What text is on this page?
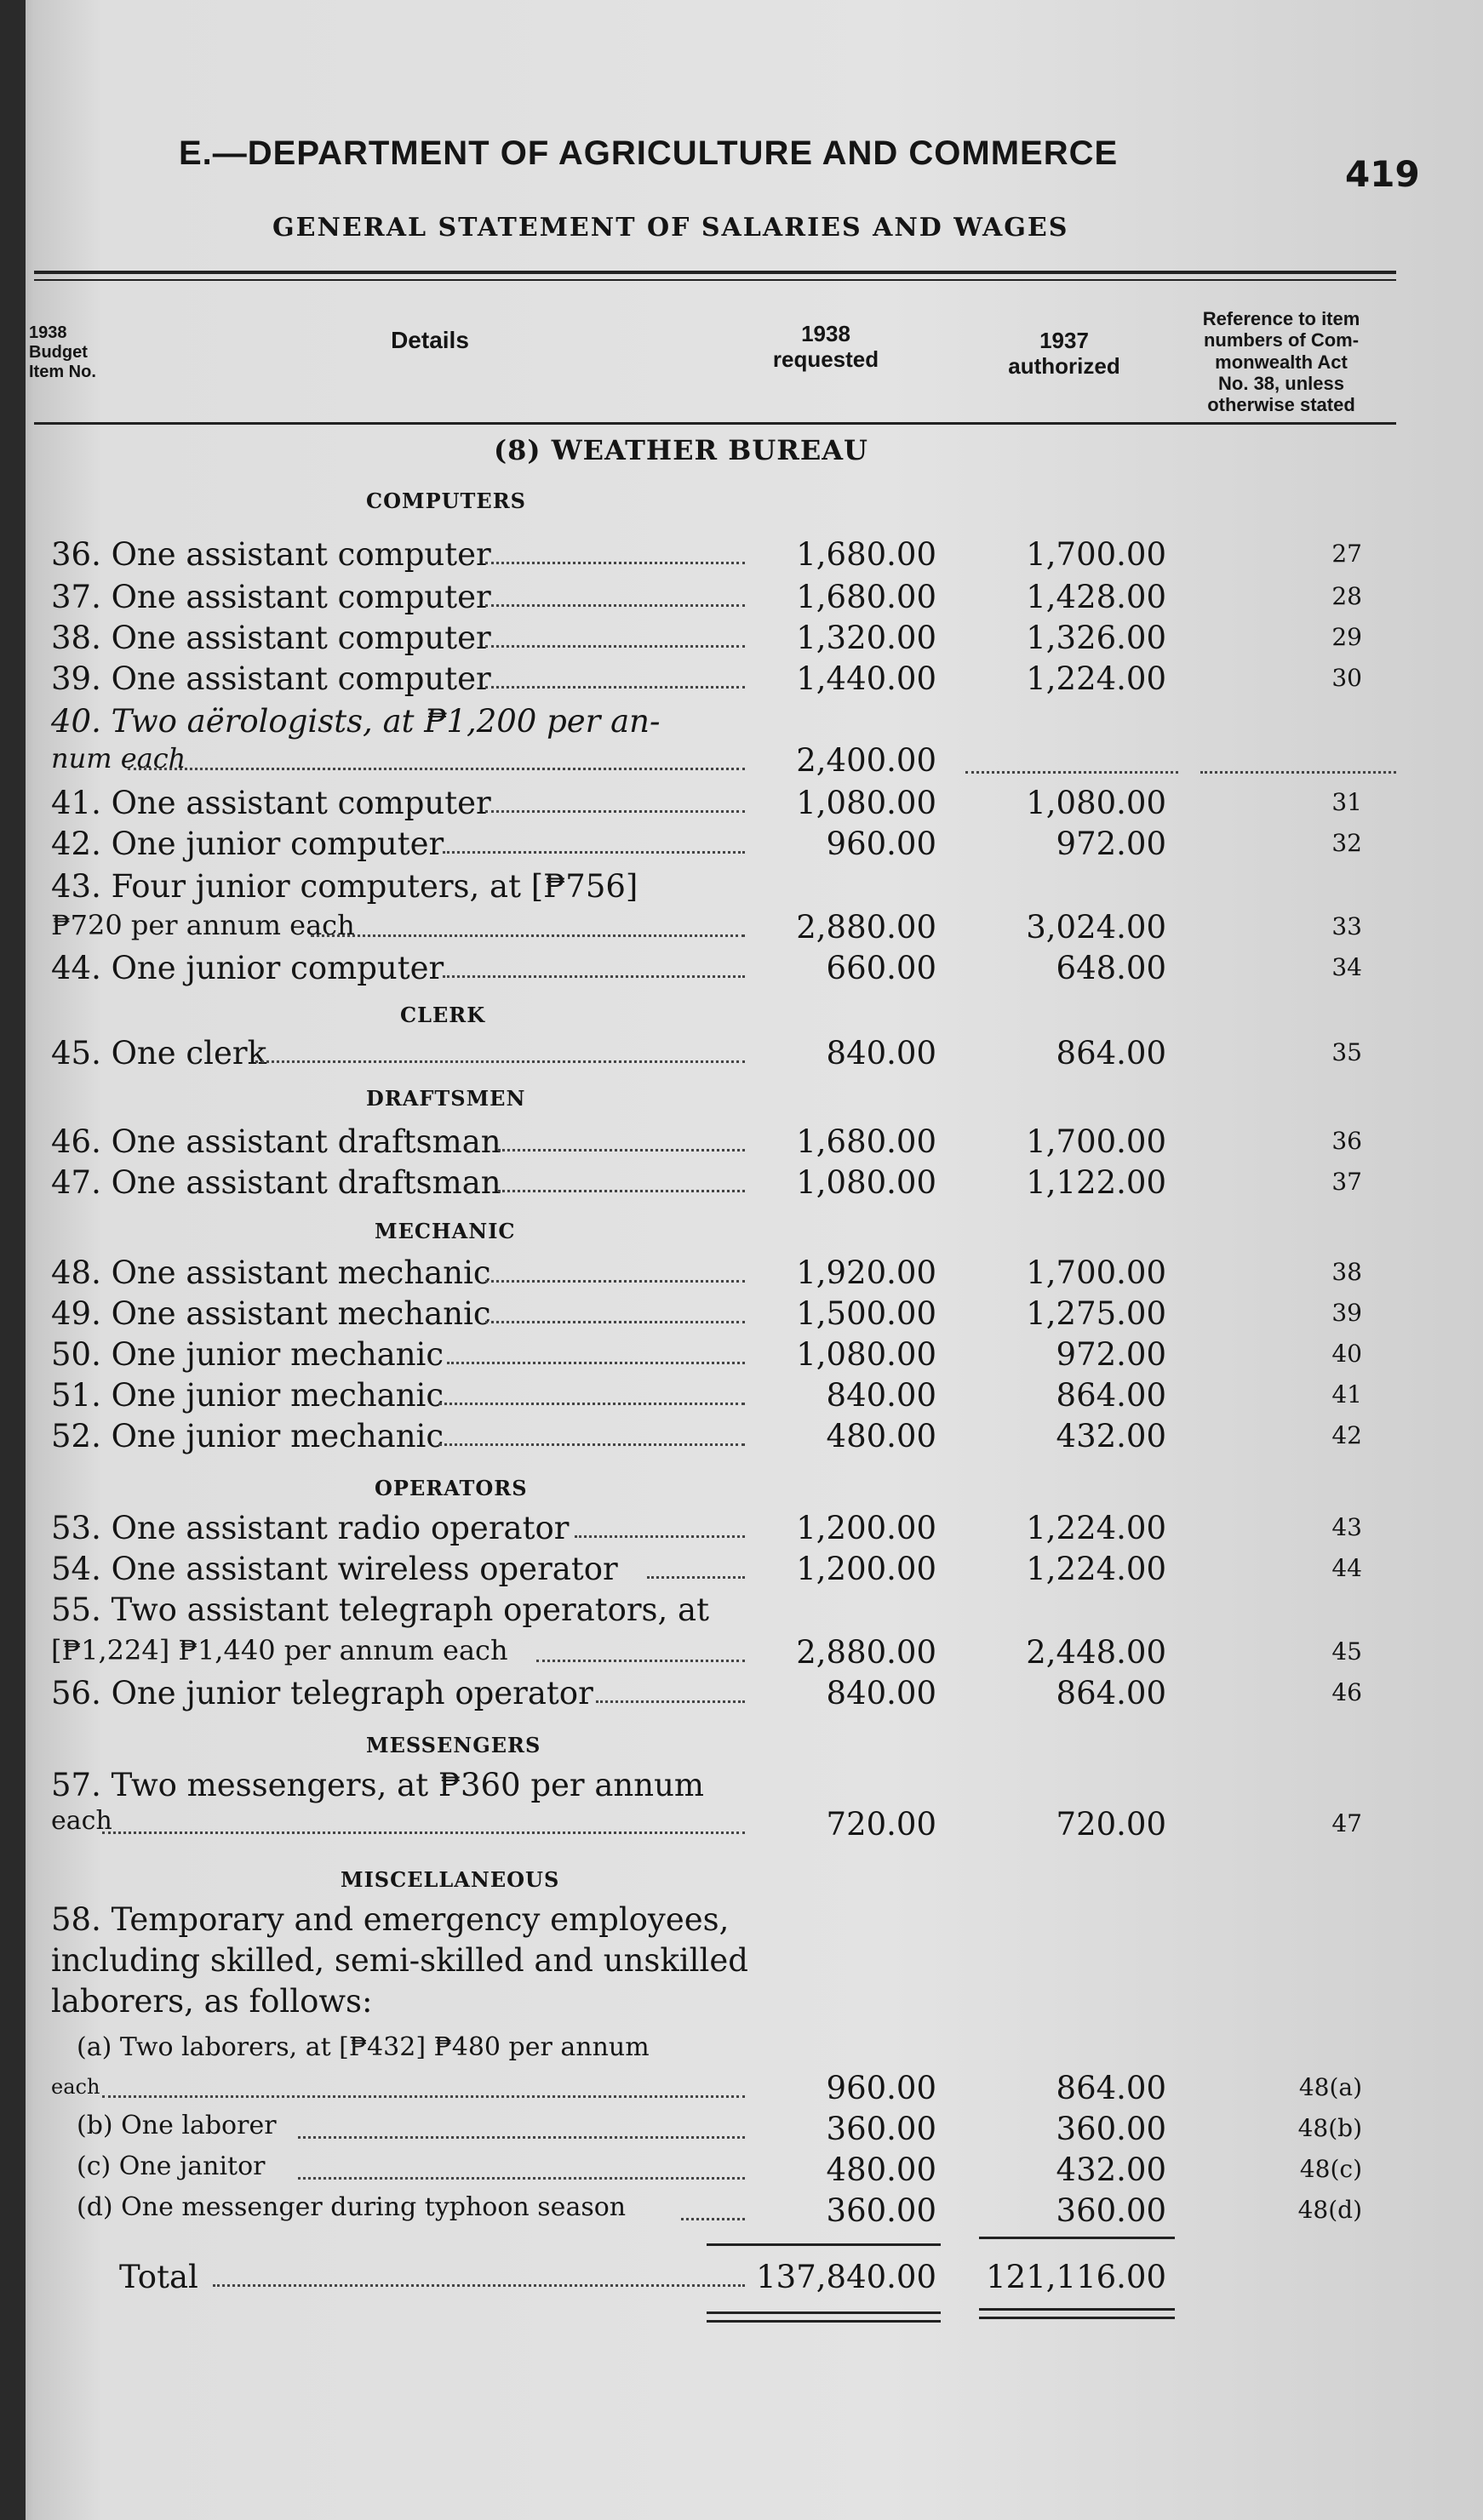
E.—DEPARTMENT OF AGRICULTURE AND COMMERCE	419
GENERAL STATEMENT OF SALARIES AND WAGES
1938
Budget
Item No.
Details	1938
requested
1937
authorized
Reference to item
numbers of Com-
monwealth Act
No. 38, unless
otherwise stated
(8) WEATHER BUREAU
COMPUTERS
36. One assistant computer	1,680.00	1,700.00	27
37. One assistant computer	1,680.00	1,428.00	28
38. One assistant computer	1,320.00	1,326.00	29
39. One assistant computer	1,440.00	1,224.00	30
40. Two aërologists, at ₱1,200 per an-
num each	2,400.00
41. One assistant computer	1,080.00	1,080.00	31
42. One junior computer	960.00	972.00	32
43. Four junior computers, at [₱756]
₱720 per annum each	2,880.00	3,024.00	33
44. One junior computer	660.00	648.00	34
CLERK
45. One clerk	840.00	864.00	35
DRAFTSMEN
46. One assistant draftsman	1,680.00	1,700.00	36
47. One assistant draftsman	1,080.00	1,122.00	37
MECHANIC
48. One assistant mechanic	1,920.00	1,700.00	38
49. One assistant mechanic	1,500.00	1,275.00	39
50. One junior mechanic	1,080.00	972.00	40
51. One junior mechanic	840.00	864.00	41
52. One junior mechanic	480.00	432.00	42
OPERATORS
53. One assistant radio operator	1,200.00	1,224.00	43
54. One assistant wireless operator	1,200.00	1,224.00	44
55. Two assistant telegraph operators, at
[₱1,224] ₱1,440 per annum each	2,880.00	2,448.00	45
56. One junior telegraph operator	840.00	864.00	46
MESSENGERS
57. Two messengers, at ₱360 per annum
each	720.00	720.00	47
MISCELLANEOUS
58. Temporary and emergency employees,
including skilled, semi-skilled and unskilled
laborers, as follows:
(a) Two laborers, at [₱432] ₱480 per annum
each	960.00	864.00	48(a)
(b) One laborer	360.00	360.00	48(b)
(c) One janitor	480.00	432.00	48(c)
(d) One messenger during typhoon season	360.00	360.00	48(d)
Total	137,840.00 121,116.00
